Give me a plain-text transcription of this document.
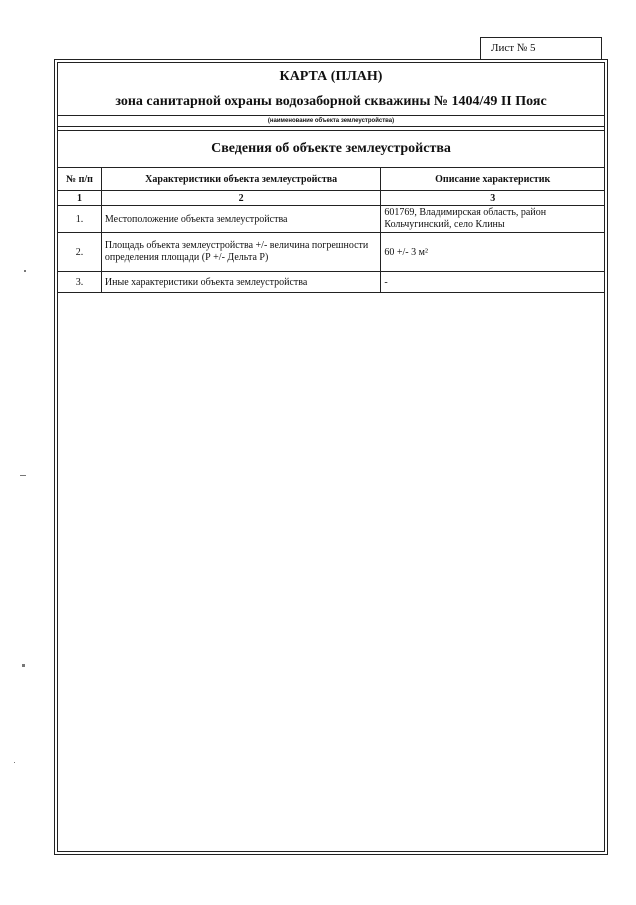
Лист № 5
КАРТА (ПЛАН)
зона санитарной охраны водозаборной скважины № 1404/49 II Пояс
(наименование объекта землеустройства)
Сведения об объекте землеустройства
№ п/п	Характеристики объекта землеустройства	Описание характеристик
1	2	3
1.	Местоположение объекта землеустройства	601769, Владимирская область, район Кольчугинский, село Клины
2.	Площадь объекта землеустройства +/- величина погрешности определения площади (Р +/- Дельта Р)	60 +/- 3 м²
3.	Иные характеристики объекта землеустройства	-
